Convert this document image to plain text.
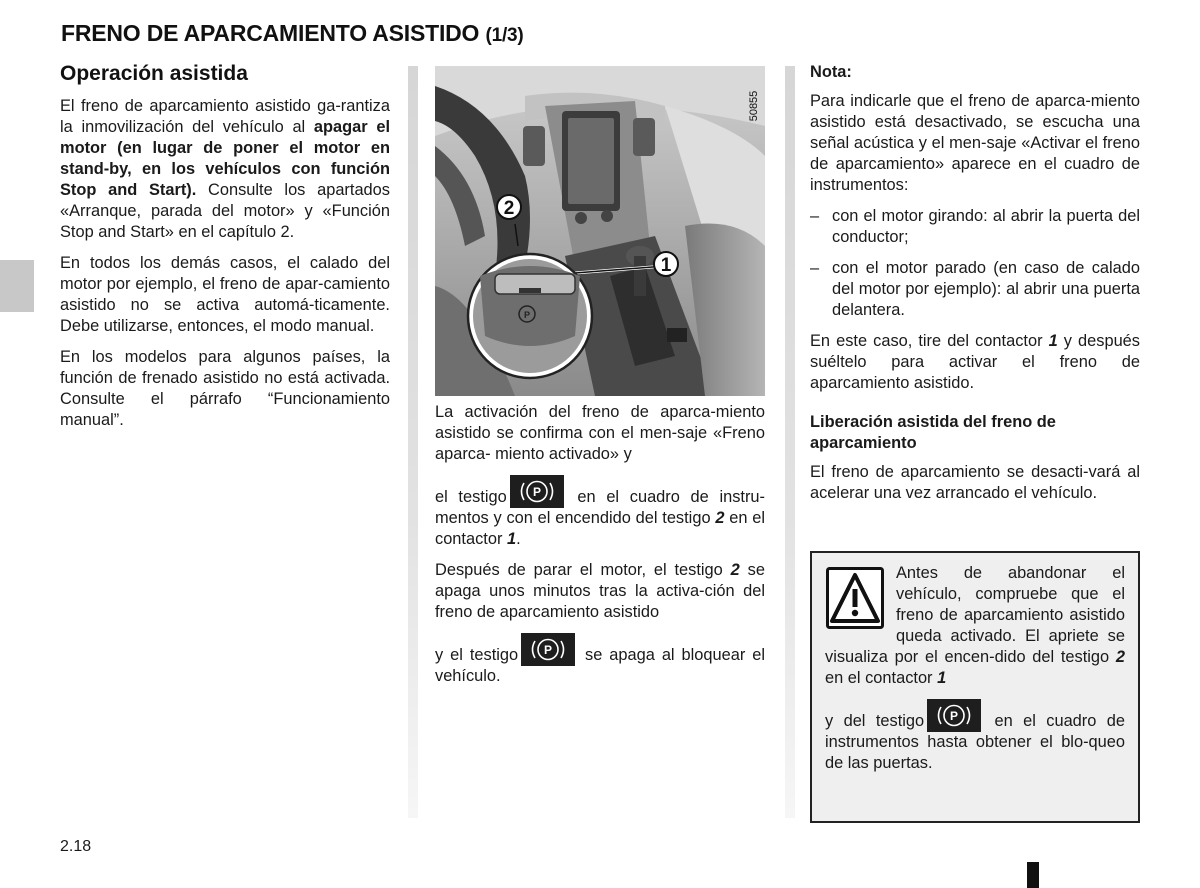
FRENO DE APARCAMIENTO ASISTIDO (1/3)
Operación asistida

El freno de aparcamiento asistido ga-rantiza la inmovilización del vehículo al apagar el motor (en lugar de poner el motor en stand-by, en los vehículos con función Stop and Start). Consulte los apartados «Arranque, parada del motor» y «Función Stop and Start» en el capítulo 2.

En todos los demás casos, el calado del motor por ejemplo, el freno de apar-camiento asistido no se activa automá-ticamente. Debe utilizarse, entonces, el modo manual.

En los modelos para algunos países, la función de frenado asistido no está activada. Consulte el párrafo “Funcionamiento manual”.

P
2
1
50855

La activación del freno de aparca-miento asistido se confirma con el men-saje «Freno aparca- miento activado» y

el testigo P en el cuadro de instru-mentos y con el encendido del testigo 2 en el contactor 1.

Después de parar el motor, el testigo 2 se apaga unos minutos tras la activa-ción del freno de aparcamiento asistido

y el testigo P se apaga al bloquear el vehículo.

Nota:

Para indicarle que el freno de aparca-miento asistido está desactivado, se escucha una señal acústica y el men-saje «Activar el freno de aparcamiento» aparece en el cuadro de instrumentos:

– con el motor girando: al abrir la puerta del conductor;
– con el motor parado (en caso de calado del motor por ejemplo): al abrir una puerta delantera.

En este caso, tire del contactor 1 y después suéltelo para activar el freno de aparcamiento asistido.

Liberación asistida del freno de aparcamiento

El freno de aparcamiento se desacti-vará al acelerar una vez arrancado el vehículo.

Antes de abandonar el vehículo, compruebe que el freno de aparcamiento asistido queda activado. El apriete se visualiza por el encen-dido del testigo 2 en el contactor 1

y del testigo P en el cuadro de instrumentos hasta obtener el blo-queo de las puertas.

2.18
